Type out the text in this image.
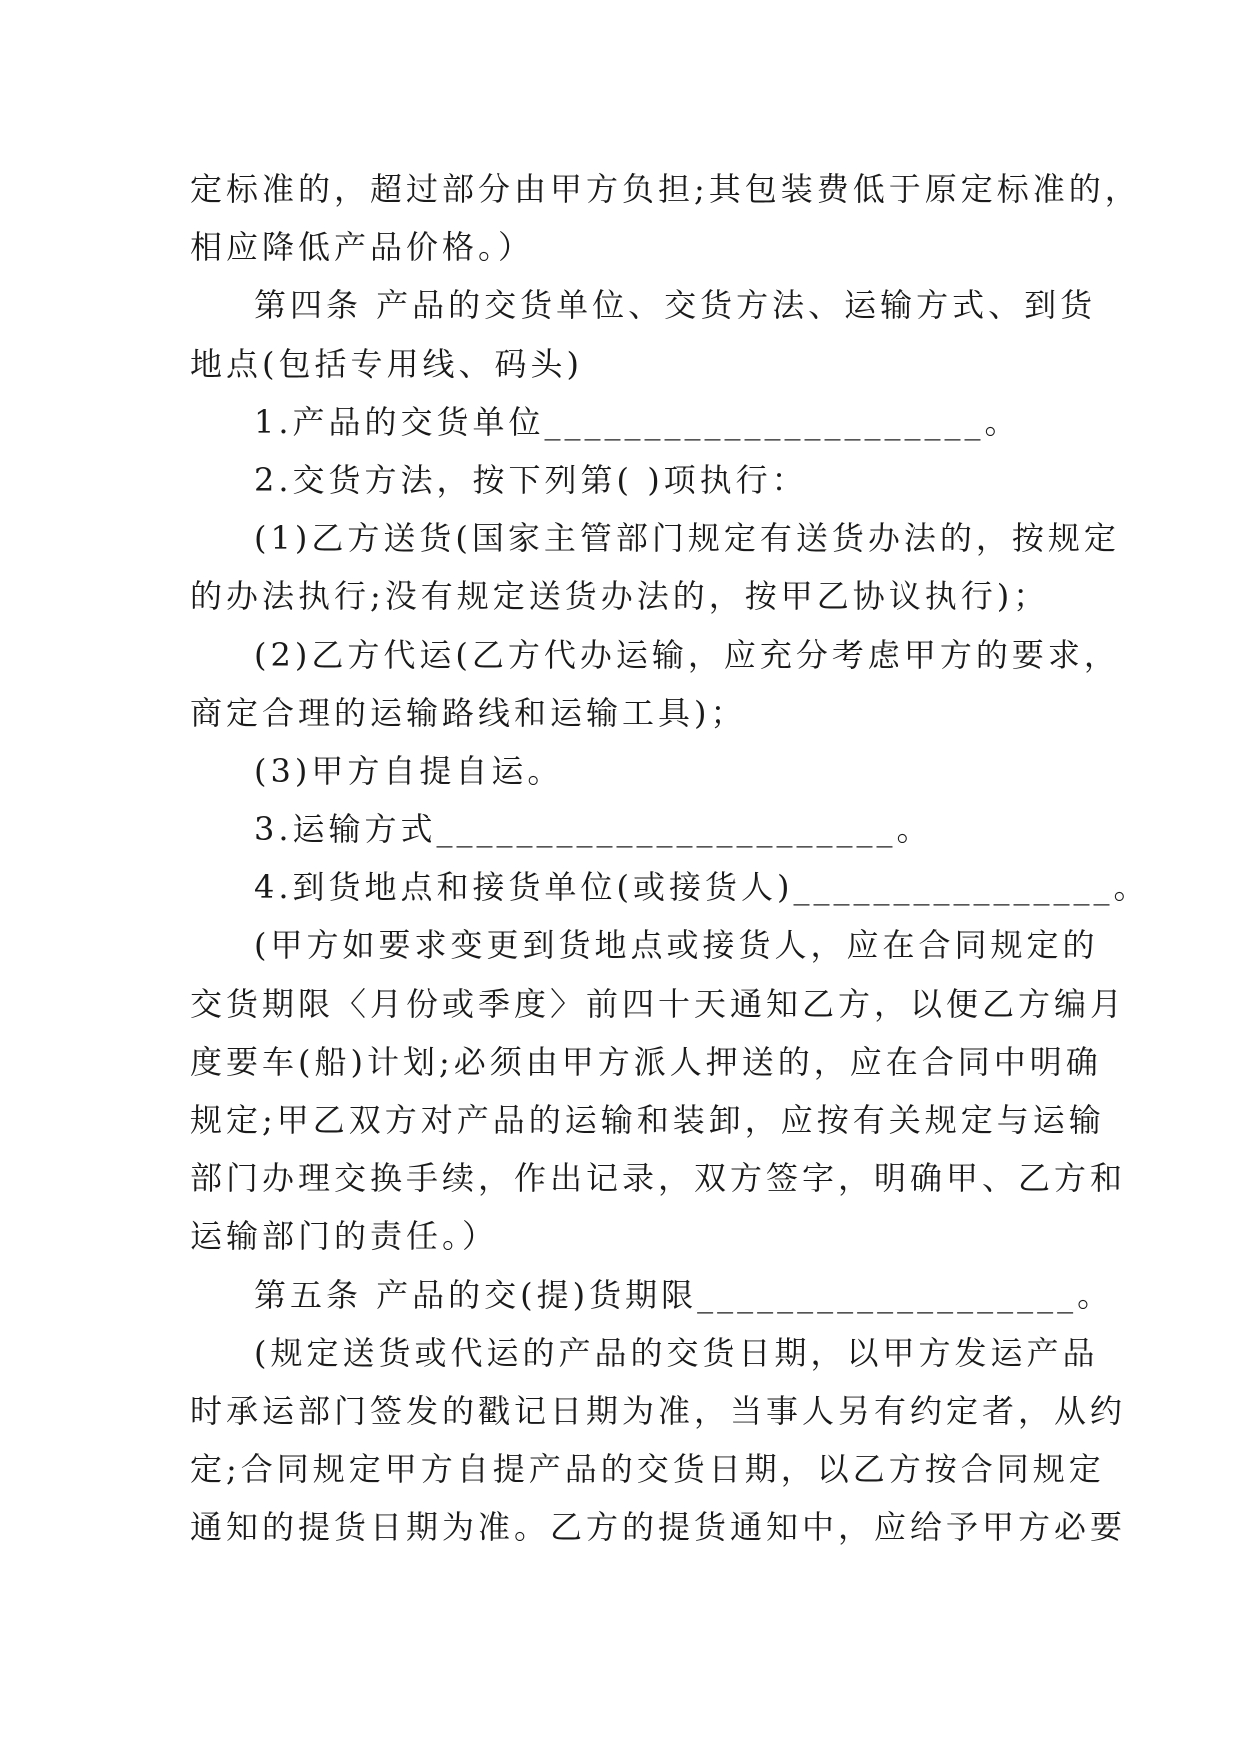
定标准的，超过部分由甲方负担;其包装费低于原定标准的，
相应降低产品价格。）
第四条 产品的交货单位、交货方法、运输方式、到货
地点(包括专用线、码头)
1.产品的交货单位______________________。
2.交货方法，按下列第( )项执行：
(1)乙方送货(国家主管部门规定有送货办法的，按规定
的办法执行;没有规定送货办法的，按甲乙协议执行)；
(2)乙方代运(乙方代办运输，应充分考虑甲方的要求，
商定合理的运输路线和运输工具)；
(3)甲方自提自运。
3.运输方式_______________________。
4.到货地点和接货单位(或接货人)________________。
(甲方如要求变更到货地点或接货人，应在合同规定的
交货期限〈月份或季度〉前四十天通知乙方，以便乙方编月
度要车(船)计划;必须由甲方派人押送的，应在合同中明确
规定;甲乙双方对产品的运输和装卸，应按有关规定与运输
部门办理交换手续，作出记录，双方签字，明确甲、乙方和
运输部门的责任。）
第五条 产品的交(提)货期限___________________。
(规定送货或代运的产品的交货日期，以甲方发运产品
时承运部门签发的戳记日期为准，当事人另有约定者，从约
定;合同规定甲方自提产品的交货日期，以乙方按合同规定
通知的提货日期为准。乙方的提货通知中，应给予甲方必要
